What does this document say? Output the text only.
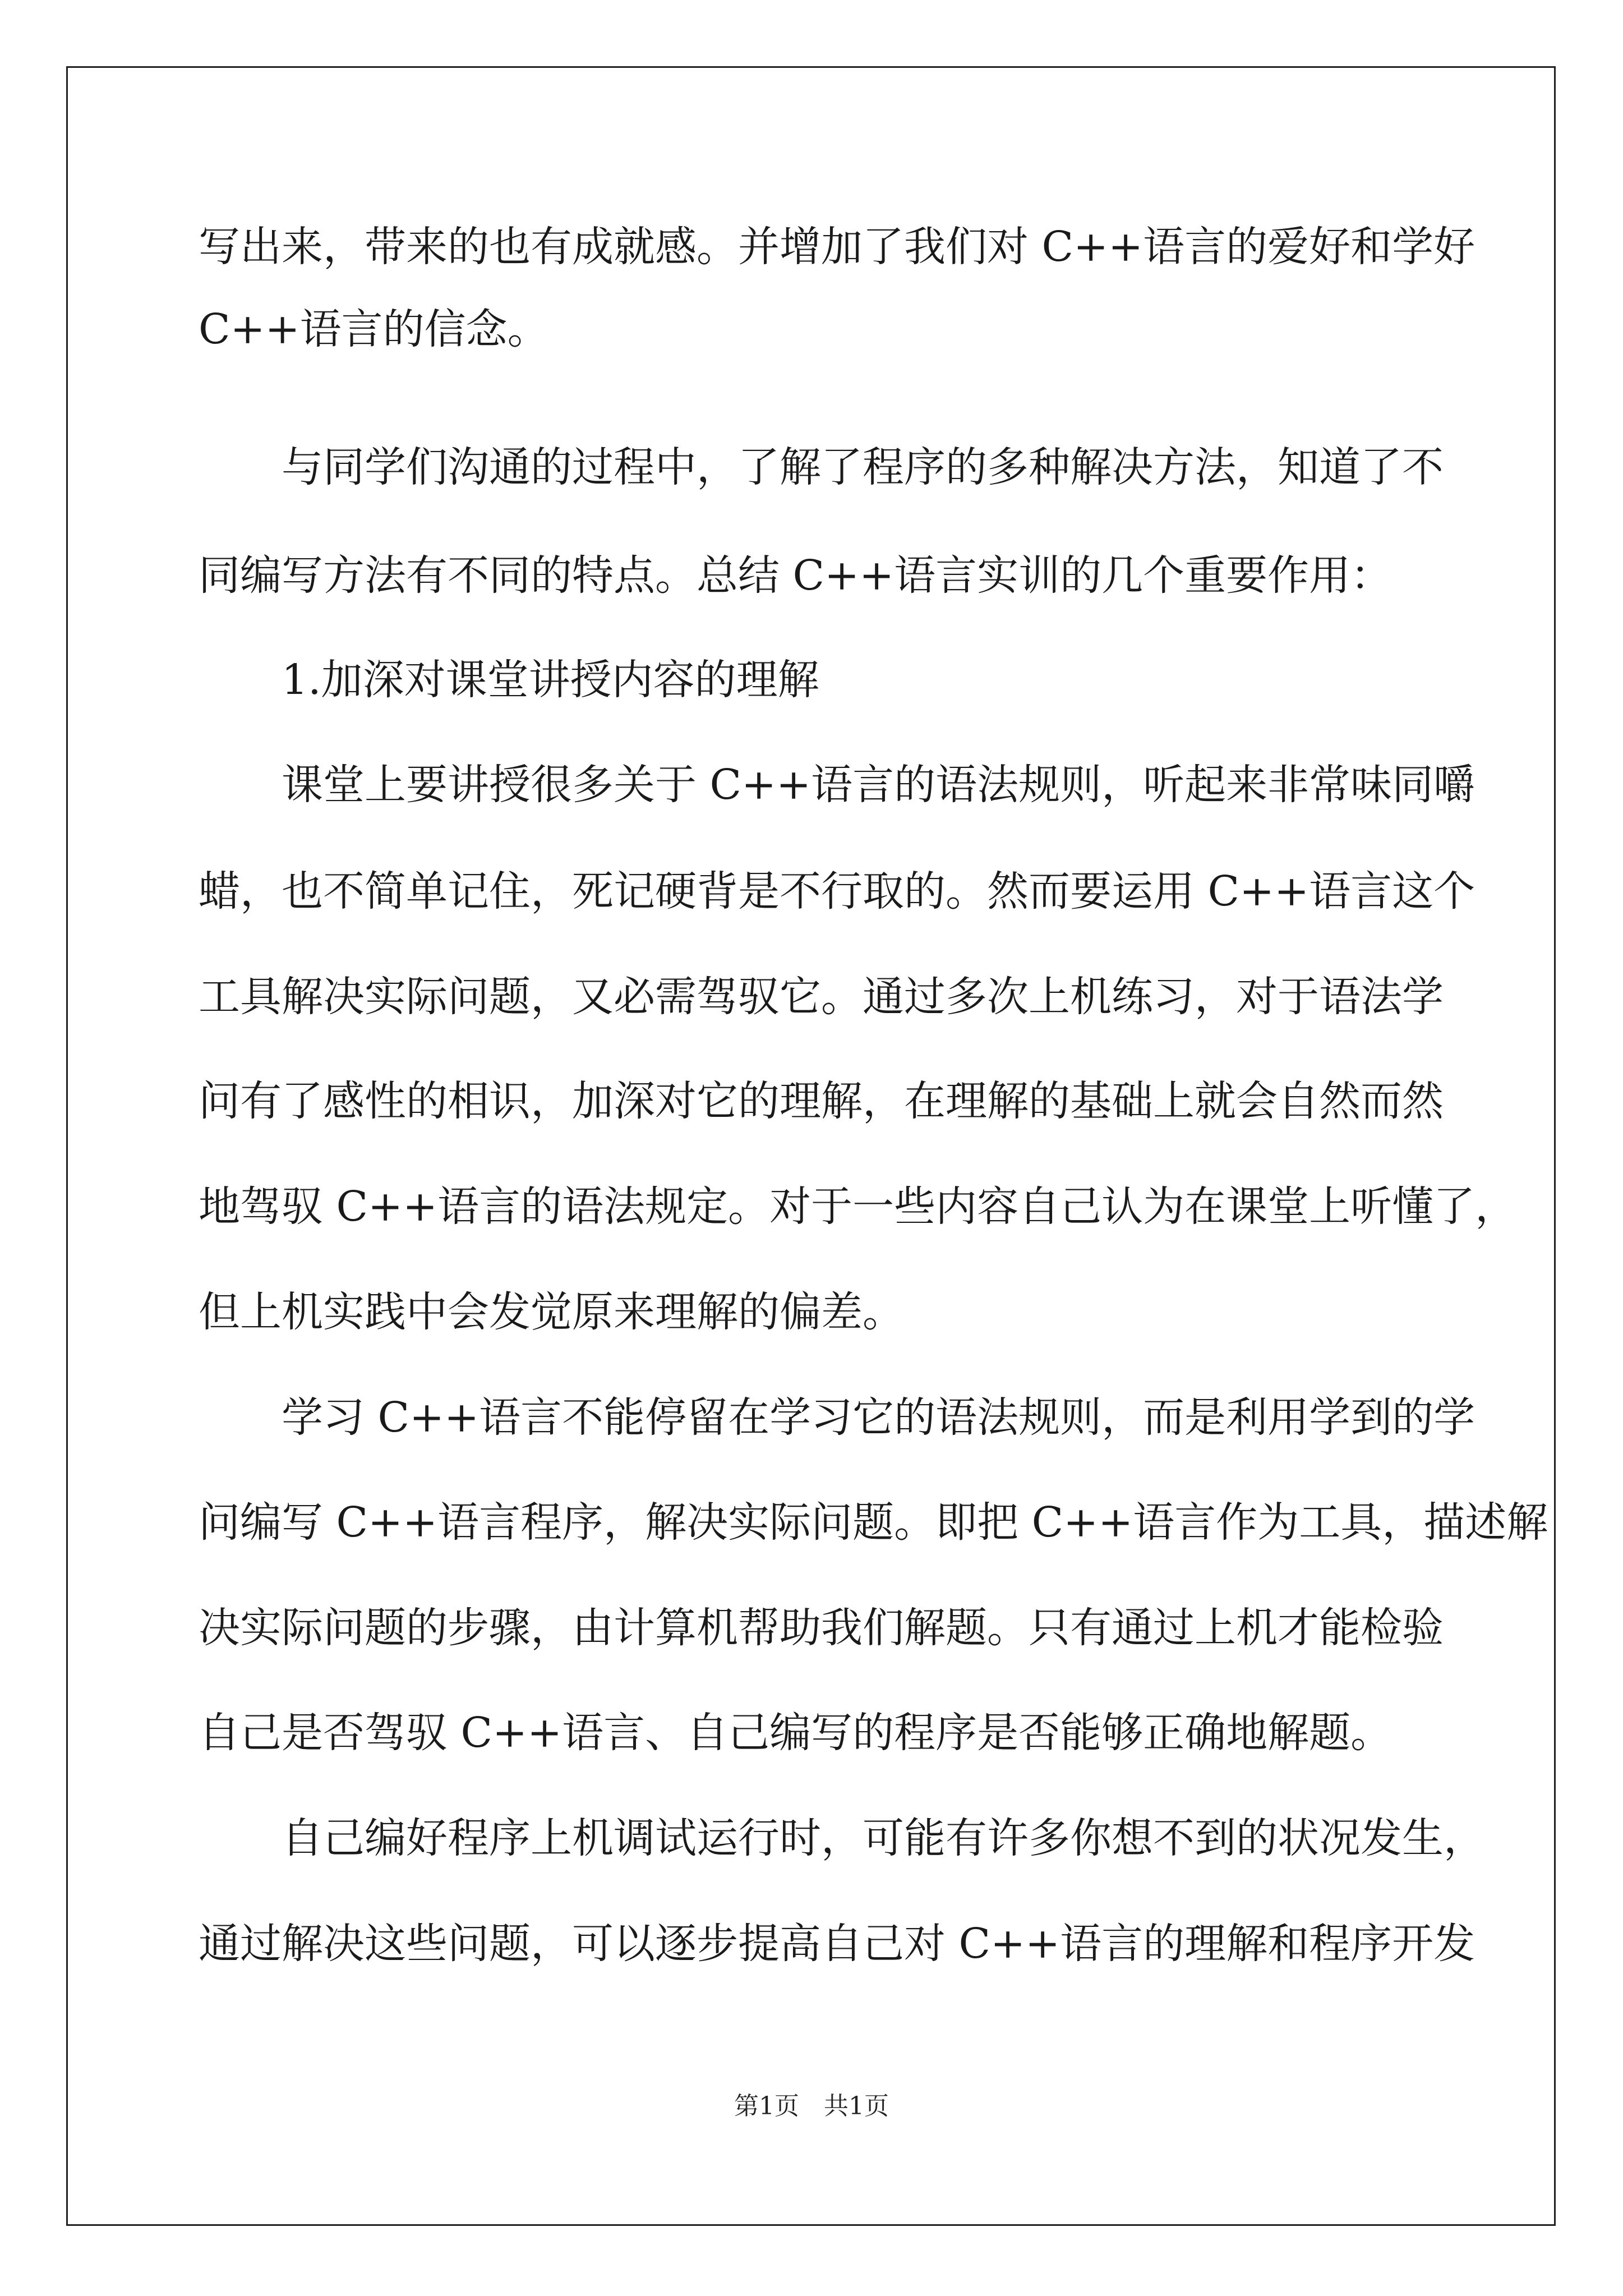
写出来，带来的也有成就感。并增加了我们对 C++语言的爱好和学好
C++语言的信念。
　　与同学们沟通的过程中，了解了程序的多种解决方法，知道了不
同编写方法有不同的特点。总结 C++语言实训的几个重要作用：
　　1.加深对课堂讲授内容的理解
　　课堂上要讲授很多关于 C++语言的语法规则，听起来非常味同嚼
蜡，也不简单记住，死记硬背是不行取的。然而要运用 C++语言这个
工具解决实际问题，又必需驾驭它。通过多次上机练习，对于语法学
问有了感性的相识，加深对它的理解，在理解的基础上就会自然而然
地驾驭 C++语言的语法规定。对于一些内容自己认为在课堂上听懂了，
但上机实践中会发觉原来理解的偏差。
　　学习 C++语言不能停留在学习它的语法规则，而是利用学到的学
问编写 C++语言程序，解决实际问题。即把 C++语言作为工具，描述解
决实际问题的步骤，由计算机帮助我们解题。只有通过上机才能检验
自己是否驾驭 C++语言、自己编写的程序是否能够正确地解题。
　　自己编好程序上机调试运行时，可能有许多你想不到的状况发生，
通过解决这些问题，可以逐步提高自己对 C++语言的理解和程序开发
第1页　共1页
